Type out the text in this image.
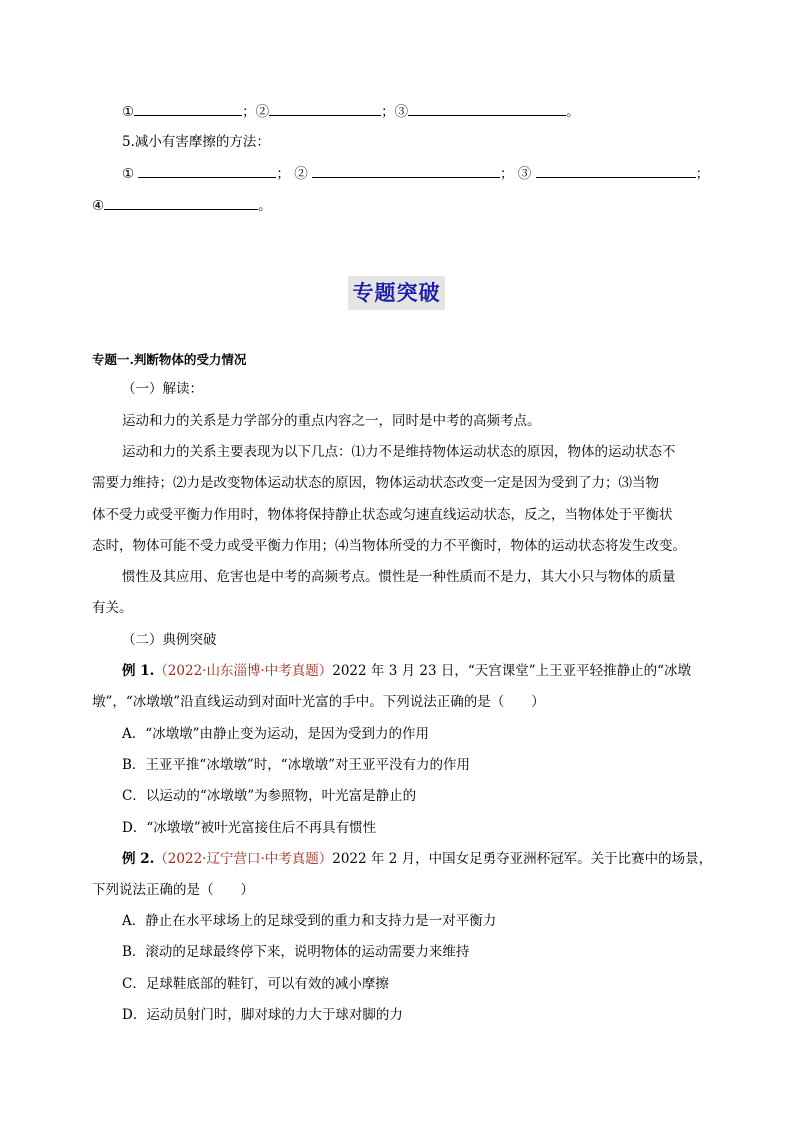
①	；②	；③	。
5.减小有害摩擦的方法：
①	； ②	； ③	；
④	。
专题突破
专题一.判断物体的受力情况
（一）解读：
运动和力的关系是力学部分的重点内容之一，同时是中考的高频考点。
运动和力的关系主要表现为以下几点：⑴力不是维持物体运动状态的原因，物体的运动状态不
需要力维持；⑵力是改变物体运动状态的原因，物体运动状态改变一定是因为受到了力；⑶当物
体不受力或受平衡力作用时，物体将保持静止状态或匀速直线运动状态，反之，当物体处于平衡状
态时，物体可能不受力或受平衡力作用；⑷当物体所受的力不平衡时，物体的运动状态将发生改变。
惯性及其应用、危害也是中考的高频考点。惯性是一种性质而不是力，其大小只与物体的质量
有关。
（二）典例突破
例 1.（2022·山东淄博·中考真题）2022 年 3 月 23 日，“天宫课堂”上王亚平轻推静止的“冰墩
墩”，“冰墩墩”沿直线运动到对面叶光富的手中。下列说法正确的是（　　）
A．“冰墩墩”由静止变为运动，是因为受到力的作用
B．王亚平推“冰墩墩”时，“冰墩墩”对王亚平没有力的作用
C．以运动的“冰墩墩”为参照物，叶光富是静止的
D．“冰墩墩”被叶光富接住后不再具有惯性
例 2.（2022·辽宁营口·中考真题）2022 年 2 月，中国女足勇夺亚洲杯冠军。关于比赛中的场景，
下列说法正确的是（　　）
A．静止在水平球场上的足球受到的重力和支持力是一对平衡力
B．滚动的足球最终停下来，说明物体的运动需要力来维持
C．足球鞋底部的鞋钉，可以有效的减小摩擦
D．运动员射门时，脚对球的力大于球对脚的力
